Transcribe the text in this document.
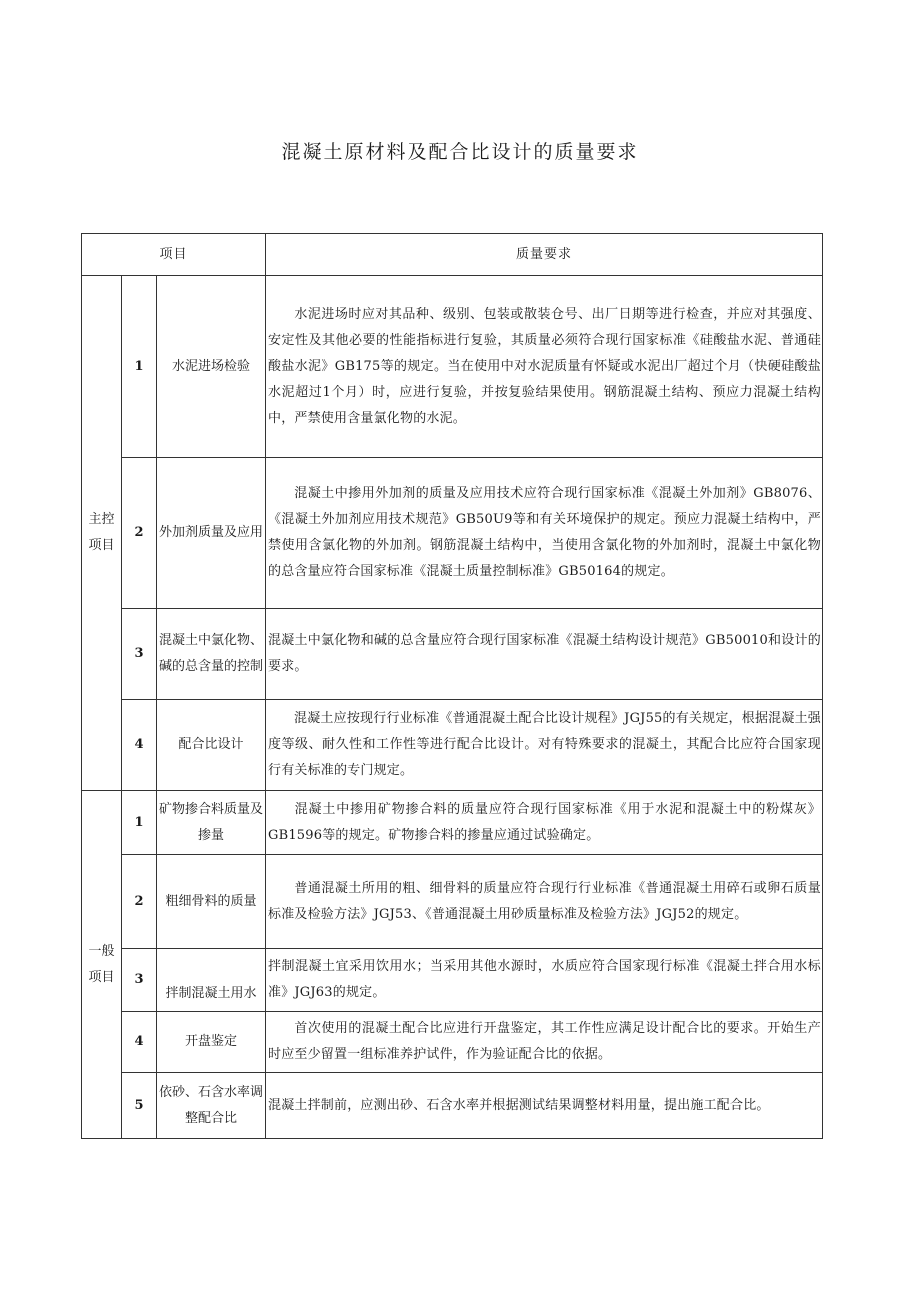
混凝土原材料及配合比设计的质量要求
项目			质量要求
主控项目	1	水泥进场检验	水泥进场时应对其品种、级别、包装或散装仓号、出厂日期等进行检查，并应对其强度、安定性及其他必要的性能指标进行复验，其质量必须符合现行国家标准《硅酸盐水泥、普通硅酸盐水泥》GB175等的规定。当在使用中对水泥质量有怀疑或水泥出厂超过个月（快硬硅酸盐水泥超过1个月）时，应进行复验，并按复验结果使用。钢筋混凝土结构、预应力混凝土结构中，严禁使用含量氯化物的水泥。
	2	外加剂质量及应用	混凝土中掺用外加剂的质量及应用技术应符合现行国家标准《混凝土外加剂》GB8076、《混凝土外加剂应用技术规范》GB50U9等和有关环境保护的规定。预应力混凝土结构中，严禁使用含氯化物的外加剂。钢筋混凝土结构中，当使用含氯化物的外加剂时，混凝土中氯化物的总含量应符合国家标准《混凝土质量控制标准》GB50164的规定。
	3	混凝土中氯化物、碱的总含量的控制	混凝土中氯化物和碱的总含量应符合现行国家标准《混凝土结构设计规范》GB50010和设计的要求。
	4	配合比设计	混凝土应按现行行业标准《普通混凝土配合比设计规程》JGJ55的有关规定，根据混凝土强度等级、耐久性和工作性等进行配合比设计。对有特殊要求的混凝土，其配合比应符合国家现行有关标准的专门规定。
一般项目	1	矿物掺合料质量及掺量	混凝土中掺用矿物掺合料的质量应符合现行国家标准《用于水泥和混凝土中的粉煤灰》GB1596等的规定。矿物掺合料的掺量应通过试验确定。
	2	粗细骨料的质量	普通混凝土所用的粗、细骨料的质量应符合现行行业标准《普通混凝土用碎石或卵石质量标准及检验方法》JGJ53、《普通混凝土用砂质量标准及检验方法》JGJ52的规定。
	3	拌制混凝土用水	拌制混凝土宜采用饮用水；当采用其他水源时，水质应符合国家现行标准《混凝土拌合用水标准》JGJ63的规定。
	4	开盘鉴定	首次使用的混凝土配合比应进行开盘鉴定，其工作性应满足设计配合比的要求。开始生产时应至少留置一组标准养护试件，作为验证配合比的依据。
	5	依砂、石含水率调整配合比	混凝土拌制前，应测出砂、石含水率并根据测试结果调整材料用量，提出施工配合比。
